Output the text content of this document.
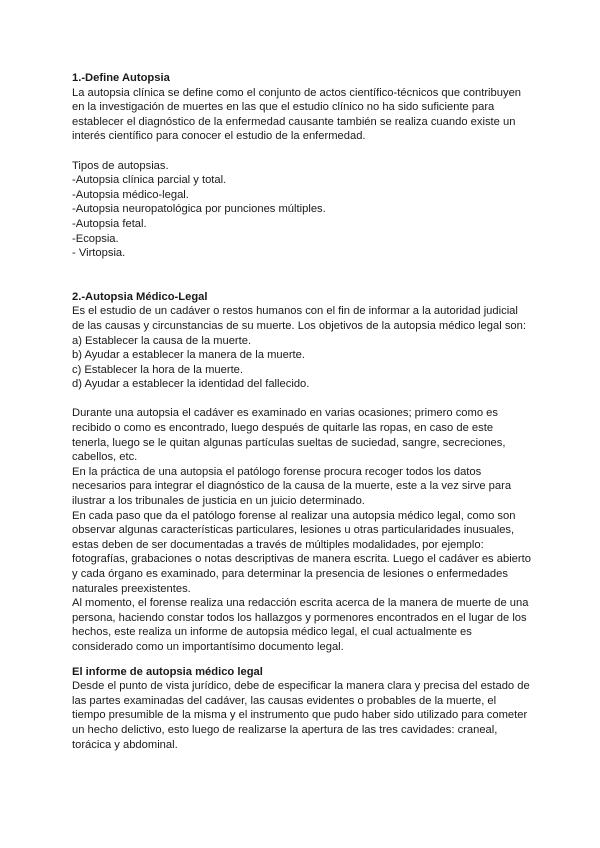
1.-Define Autopsia
La autopsia clínica se define como el conjunto de actos científico-técnicos que contribuyen
en la investigación de muertes en las que el estudio clínico no ha sido suficiente para
establecer el diagnóstico de la enfermedad causante también se realiza cuando existe un
interés científico para conocer el estudio de la enfermedad.
Tipos de autopsias.
-Autopsia clínica parcial y total.
-Autopsia médico-legal.
-Autopsia neuropatológica por punciones múltiples.
-Autopsia fetal.
-Ecopsia.
- Virtopsia.
2.-Autopsia Médico-Legal
Es el estudio de un cadáver o restos humanos con el fin de informar a la autoridad judicial
de las causas y circunstancias de su muerte. Los objetivos de la autopsia médico legal son:
a) Establecer la causa de la muerte.
b) Ayudar a establecer la manera de la muerte.
c) Establecer la hora de la muerte.
d) Ayudar a establecer la identidad del fallecido.
Durante una autopsia el cadáver es examinado en varias ocasiones; primero como es
recibido o como es encontrado, luego después de quitarle las ropas, en caso de este
tenerla, luego se le quitan algunas partículas sueltas de suciedad, sangre, secreciones,
cabellos, etc.
En la práctica de una autopsia el patólogo forense procura recoger todos los datos
necesarios para integrar el diagnóstico de la causa de la muerte, este a la vez sirve para
ilustrar a los tribunales de justicia en un juicio determinado.
En cada paso que da el patólogo forense al realizar una autopsia médico legal, como son
observar algunas características particulares, lesiones u otras particularidades inusuales,
estas deben de ser documentadas a través de múltiples modalidades, por ejemplo:
fotografías, grabaciones o notas descriptivas de manera escrita. Luego el cadáver es abierto
y cada órgano es examinado, para determinar la presencia de lesiones o enfermedades
naturales preexistentes.
Al momento, el forense realiza una redacción escrita acerca de la manera de muerte de una
persona, haciendo constar todos los hallazgos y pormenores encontrados en el lugar de los
hechos, este realiza un informe de autopsia médico legal, el cual actualmente es
considerado como un importantísimo documento legal.
El informe de autopsia médico legal
Desde el punto de vista jurídico, debe de especificar la manera clara y precisa del estado de
las partes examinadas del cadáver, las causas evidentes o probables de la muerte, el
tiempo presumible de la misma y el instrumento que pudo haber sido utilizado para cometer
un hecho delictivo, esto luego de realizarse la apertura de las tres cavidades: craneal,
torácica y abdominal.
